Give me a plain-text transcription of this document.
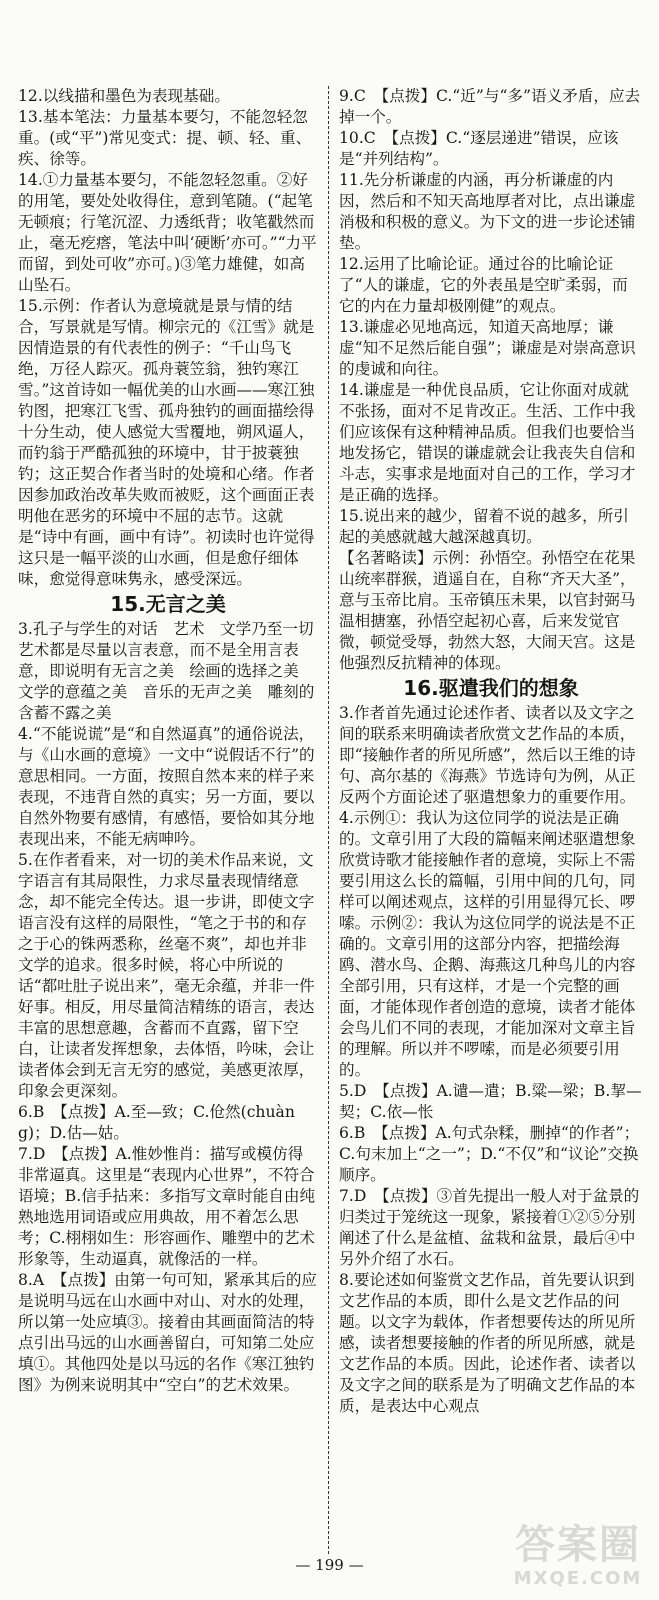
12.以线描和墨色为表现基础。
13.基本笔法：力量基本要匀，不能忽轻忽重。(或“平”)常见变式：提、顿、轻、重、疾、徐等。
14.①力量基本要匀，不能忽轻忽重。②好的用笔，要处处收得住，意到笔随。(“起笔无顿痕；行笔沉涩、力透纸背；收笔戳然而止，毫无疙瘩，笔法中叫‘硬断’亦可。”“力平而留，到处可收”亦可。)③笔力雄健，如高山坠石。
15.示例：作者认为意境就是景与情的结合，写景就是写情。柳宗元的《江雪》就是因情造景的有代表性的例子：“千山鸟飞绝，万径人踪灭。孤舟蓑笠翁，独钓寒江雪。”这首诗如一幅优美的山水画——寒江独钓图，把寒江飞雪、孤舟独钓的画面描绘得十分生动，使人感觉大雪覆地，朔风逼人，而钓翁于严酷孤独的环境中，甘于披蓑独钓；这正契合作者当时的处境和心绪。作者因参加政治改革失败而被贬，这个画面正表明他在恶劣的环境中不屈的志节。这就是“诗中有画，画中有诗”。初读时也许觉得这只是一幅平淡的山水画，但是愈仔细体味，愈觉得意味隽永，感受深远。
15.无言之美
3.孔子与学生的对话　艺术　文学乃至一切艺术都是尽量以言表意，而不是全用言表意，即说明有无言之美　绘画的选择之美　文学的意蕴之美　音乐的无声之美　雕刻的含蓄不露之美
4.“不能说谎”是“和自然逼真”的通俗说法，与《山水画的意境》一文中“说假话不行”的意思相同。一方面，按照自然本来的样子来表现，不违背自然的真实；另一方面，要以自然外物要有感情，有感悟，要恰如其分地表现出来，不能无病呻吟。
5.在作者看来，对一切的美术作品来说，文字语言有其局限性，力求尽量表现情绪意念，却不能完全传达。退一步讲，即使文字语言没有这样的局限性，“笔之于书的和存之于心的铢两悉称，丝毫不爽”，却也并非文学的追求。很多时候，将心中所说的话“都吐肚子说出来”，毫无余蕴，并非一件好事。相反，用尽量简洁精练的语言，表达丰富的思想意趣，含蓄而不直露，留下空白，让读者发挥想象，去体悟，吟味，会让读者体会到无言无穷的感觉，美感更浓厚，印象会更深刻。
6.B　【点拨】A.至—致；C.伧然(chuàng)；D.估—姑。
7.D　【点拨】A.惟妙惟肖：描写或模仿得非常逼真。这里是“表现内心世界”，不符合语境；B.信手拈来：多指写文章时能自由纯熟地选用词语或应用典故，用不着怎么思考；C.栩栩如生：形容画作、雕塑中的艺术形象等，生动逼真，就像活的一样。
8.A　【点拨】由第一句可知，紧承其后的应是说明马远在山水画中对山、对水的处理，所以第一处应填③。接着由其画面简洁的特点引出马远的山水画善留白，可知第二处应填①。其他四处是以马远的名作《寒江独钓图》为例来说明其中“空白”的艺术效果。
9.C　【点拨】C.“近”与“多”语义矛盾，应去掉一个。
10.C　【点拨】C.“逐层递进”错误，应该是“并列结构”。
11.先分析谦虚的内涵，再分析谦虚的内因，然后和不知天高地厚者对比，点出谦虚消极和积极的意义。为下文的进一步论述铺垫。
12.运用了比喻论证。通过谷的比喻论证了“人的谦虚，它的外表虽是空旷柔弱，而它的内在力量却极刚健”的观点。
13.谦虚必见地高远，知道天高地厚；谦虚“知不足然后能自强”；谦虚是对崇高意识的虔诚和向往。
14.谦虚是一种优良品质，它让你面对成就不张扬，面对不足肯改正。生活、工作中我们应该保有这种精神品质。但我们也要恰当地发扬它，错误的谦虚就会让我丧失自信和斗志，实事求是地面对自己的工作，学习才是正确的选择。
15.说出来的越少，留着不说的越多，所引起的美感就越大越深越真切。
【名著略读】示例：孙悟空。孙悟空在花果山统率群猴，逍遥自在，自称“齐天大圣”，意与玉帝比肩。玉帝镇压未果，以官封弼马温相搪塞，孙悟空起初心喜，后来发觉官微，顿觉受辱，勃然大怒，大闹天宫。这是他强烈反抗精神的体现。
16.驱遣我们的想象
3.作者首先通过论述作者、读者以及文字之间的联系来明确读者欣赏文艺作品的本质，即“接触作者的所见所感”，然后以王维的诗句、高尔基的《海燕》节选诗句为例，从正反两个方面论述了驱遣想象力的重要作用。
4.示例①：我认为这位同学的说法是正确的。文章引用了大段的篇幅来阐述驱遣想象欣赏诗歌才能接触作者的意境，实际上不需要引用这么长的篇幅，引用中间的几句，同样可以阐述观点，这样的引用显得冗长、啰嗦。示例②：我认为这位同学的说法是不正确的。文章引用的这部分内容，把描绘海鸥、潜水鸟、企鹅、海燕这几种鸟儿的内容全部引用，只有这样，才是一个完整的画面，才能体现作者创造的意境，读者才能体会鸟儿们不同的表现，才能加深对文章主旨的理解。所以并不啰嗦，而是必须要引用的。
5.D　【点拨】A.谴—遣；B.粱—梁；B.挈—契；C.依—怅
6.B　【点拨】A.句式杂糅，删掉“的作者”；C.句末加上“之一”；D.“不仅”和“议论”交换顺序。
7.D　【点拨】③首先提出一般人对于盆景的归类过于笼统这一现象，紧接着①②⑤分别阐述了什么是盆植、盆栽和盆景，最后④中另外介绍了水石。
8.要论述如何鉴赏文艺作品，首先要认识到文艺作品的本质，即什么是文艺作品的问题。以文字为载体，作者想要传达的所见所感，读者想要接触的作者的所见所感，就是文艺作品的本质。因此，论述作者、读者以及文字之间的联系是为了明确文艺作品的本质，是表达中心观点
— 199 —	答案圈
MXQE.COM
